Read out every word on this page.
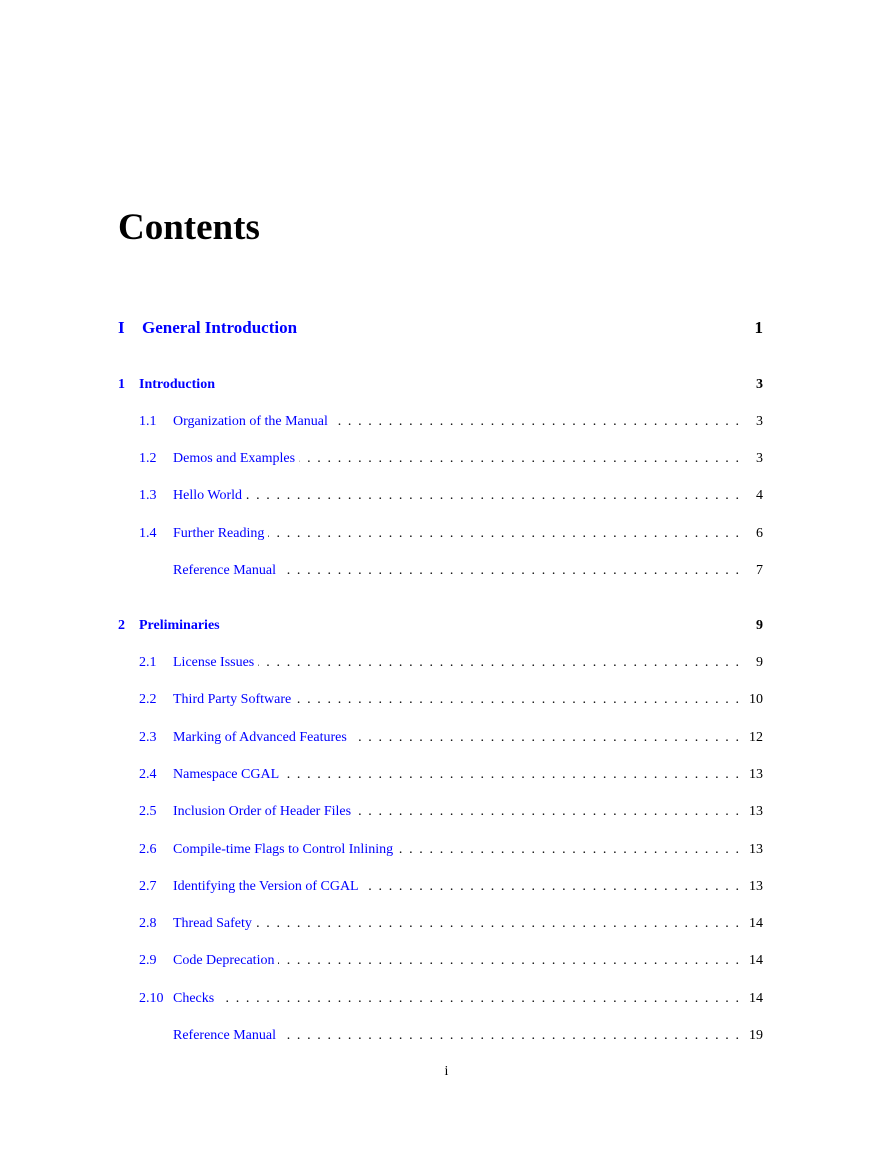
Contents
I General Introduction	1
1 Introduction	3
1.1	Organization of the Manual . . .	3
1.2	Demos and Examples . . .	3
1.3	Hello World . . .	4
1.4	Further Reading . . .	6
Reference Manual . . .	7
2 Preliminaries	9
2.1	License Issues . . .	9
2.2	Third Party Software . . .	10
2.3	Marking of Advanced Features . . .	12
2.4	Namespace CGAL . . .	13
2.5	Inclusion Order of Header Files . . .	13
2.6	Compile-time Flags to Control Inlining . . .	13
2.7	Identifying the Version of CGAL . . .	13
2.8	Thread Safety . . .	14
2.9	Code Deprecation . . .	14
2.10 Checks . . .	14
Reference Manual . . .	19
i
